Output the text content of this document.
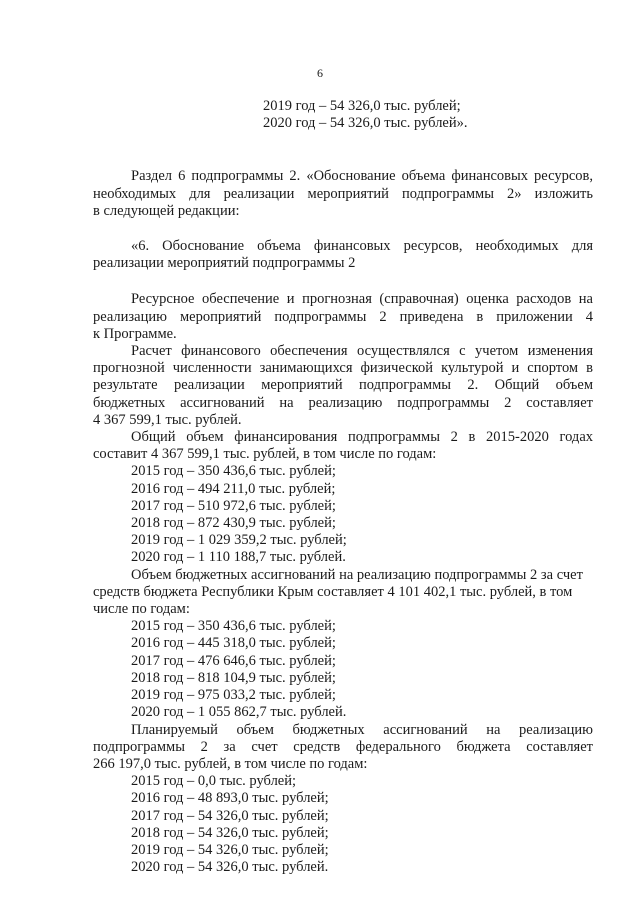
6
2019 год – 54 326,0 тыс. рублей;
2020 год – 54 326,0 тыс. рублей».
Раздел 6 подпрограммы 2. «Обоснование объема финансовых ресурсов,
необходимых для реализации мероприятий подпрограммы 2» изложить
в следующей редакции:
«6. Обоснование объема финансовых ресурсов, необходимых для
реализации мероприятий подпрограммы 2
Ресурсное обеспечение и прогнозная (справочная) оценка расходов на
реализацию мероприятий подпрограммы 2 приведена в приложении 4
к Программе.
Расчет финансового обеспечения осуществлялся с учетом изменения
прогнозной численности занимающихся физической культурой и спортом в
результате реализации мероприятий подпрограммы 2. Общий объем
бюджетных ассигнований на реализацию подпрограммы 2 составляет
4 367 599,1 тыс. рублей.
Общий объем финансирования подпрограммы 2 в 2015-2020 годах
составит 4 367 599,1 тыс. рублей, в том числе по годам:
2015 год – 350 436,6 тыс. рублей;
2016 год – 494 211,0 тыс. рублей;
2017 год – 510 972,6 тыс. рублей;
2018 год – 872 430,9 тыс. рублей;
2019 год – 1 029 359,2 тыс. рублей;
2020 год – 1 110 188,7 тыс. рублей.
Объем бюджетных ассигнований на реализацию подпрограммы 2 за счет
средств бюджета Республики Крым составляет 4 101 402,1 тыс. рублей, в том
числе по годам:
2015 год – 350 436,6 тыс. рублей;
2016 год – 445 318,0 тыс. рублей;
2017 год – 476 646,6 тыс. рублей;
2018 год – 818 104,9 тыс. рублей;
2019 год – 975 033,2 тыс. рублей;
2020 год – 1 055 862,7 тыс. рублей.
Планируемый объем бюджетных ассигнований на реализацию
подпрограммы 2 за счет средств федерального бюджета составляет
266 197,0 тыс. рублей, в том числе по годам:
2015 год – 0,0 тыс. рублей;
2016 год – 48 893,0 тыс. рублей;
2017 год – 54 326,0 тыс. рублей;
2018 год – 54 326,0 тыс. рублей;
2019 год – 54 326,0 тыс. рублей;
2020 год – 54 326,0 тыс. рублей.
